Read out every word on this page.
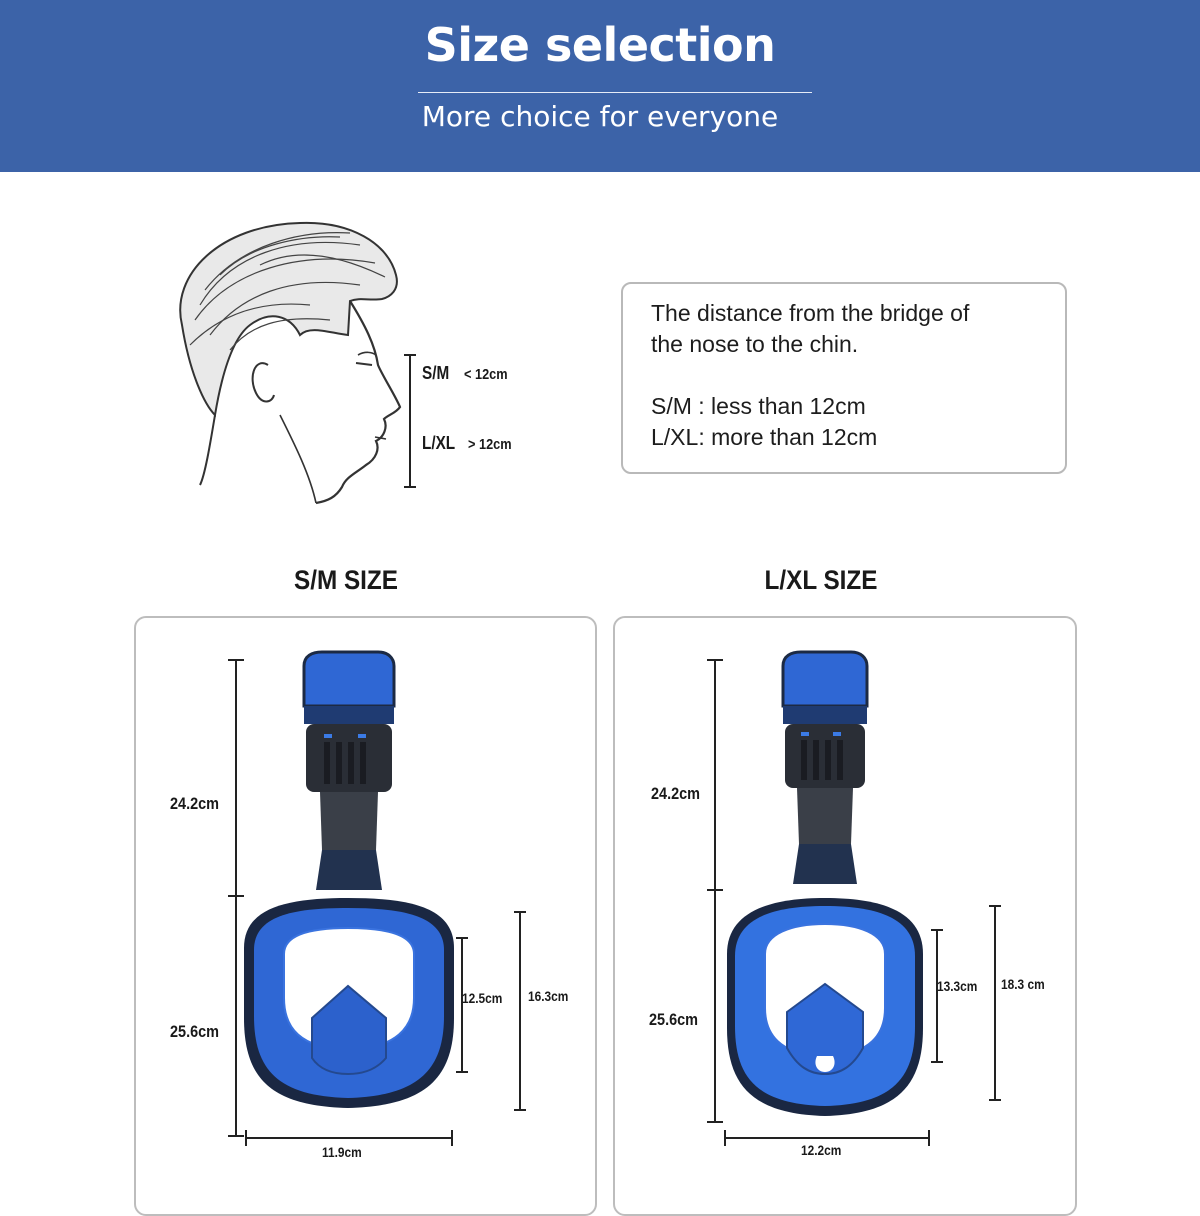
Size selection
More choice for everyone
S/M < 12cm
L/XL > 12cm

The distance from the bridge of

the nose to the chin.

S/M : less than 12cm

L/XL: more than 12cm

S/M SIZE	L/XL SIZE
24.2cm
25.6cm
11.9cm
12.5cm 16.3cm
24.2cm
25.6cm
12.2cm
13.3cm 18.3 cm
